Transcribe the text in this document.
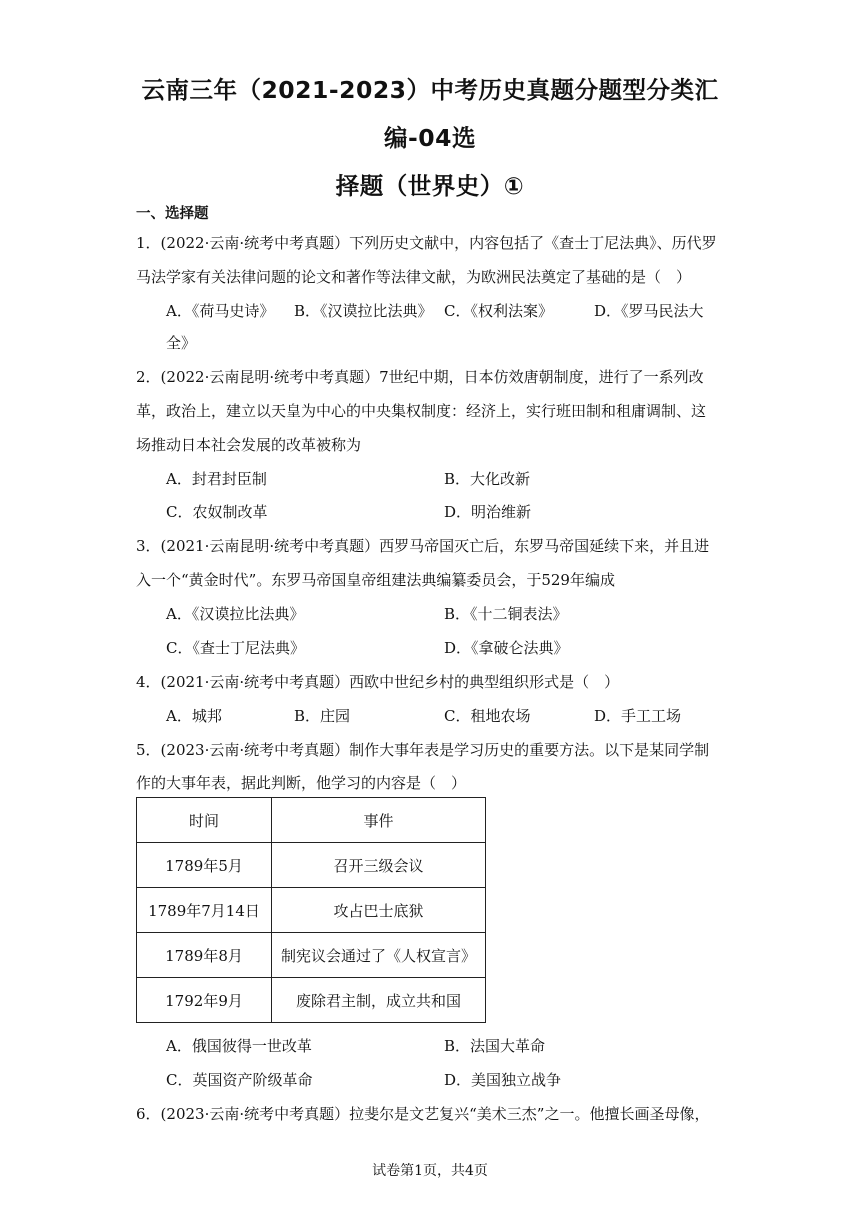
云南三年（2021-2023）中考历史真题分题型分类汇编-04选
择题（世界史）①
一、选择题
1．(2022·云南·统考中考真题）下列历史文献中，内容包括了《查士丁尼法典》、历代罗
马法学家有关法律问题的论文和著作等法律文献，为欧洲民法奠定了基础的是（　）
A．《荷马史诗》 B．《汉谟拉比法典》 C．《权利法案》	D．《罗马民法大
全》
2．(2022·云南昆明·统考中考真题）7世纪中期，日本仿效唐朝制度，进行了一系列改
革，政治上，建立以天皇为中心的中央集权制度：经济上，实行班田制和租庸调制、这
场推动日本社会发展的改革被称为
A．封君封臣制	B．大化改新
C．农奴制改革	D．明治维新
3．(2021·云南昆明·统考中考真题）西罗马帝国灭亡后，东罗马帝国延续下来，并且进
入一个“黄金时代”。东罗马帝国皇帝组建法典编纂委员会，于529年编成
A．《汉谟拉比法典》	B．《十二铜表法》
C．《查士丁尼法典》	D．《拿破仑法典》
4．(2021·云南·统考中考真题）西欧中世纪乡村的典型组织形式是（　）
A．城邦	B．庄园	C．租地农场	D．手工工场
5．(2023·云南·统考中考真题）制作大事年表是学习历史的重要方法。以下是某同学制
作的大事年表，据此判断，他学习的内容是（　）
时间	事件
1789年5月	召开三级会议
1789年7月14日	攻占巴士底狱
1789年8月	制宪议会通过了《人权宣言》
1792年9月	废除君主制，成立共和国
A．俄国彼得一世改革	B．法国大革命
C．英国资产阶级革命	D．美国独立战争
6．(2023·云南·统考中考真题）拉斐尔是文艺复兴“美术三杰”之一。他擅长画圣母像，
试卷第1页，共4页
